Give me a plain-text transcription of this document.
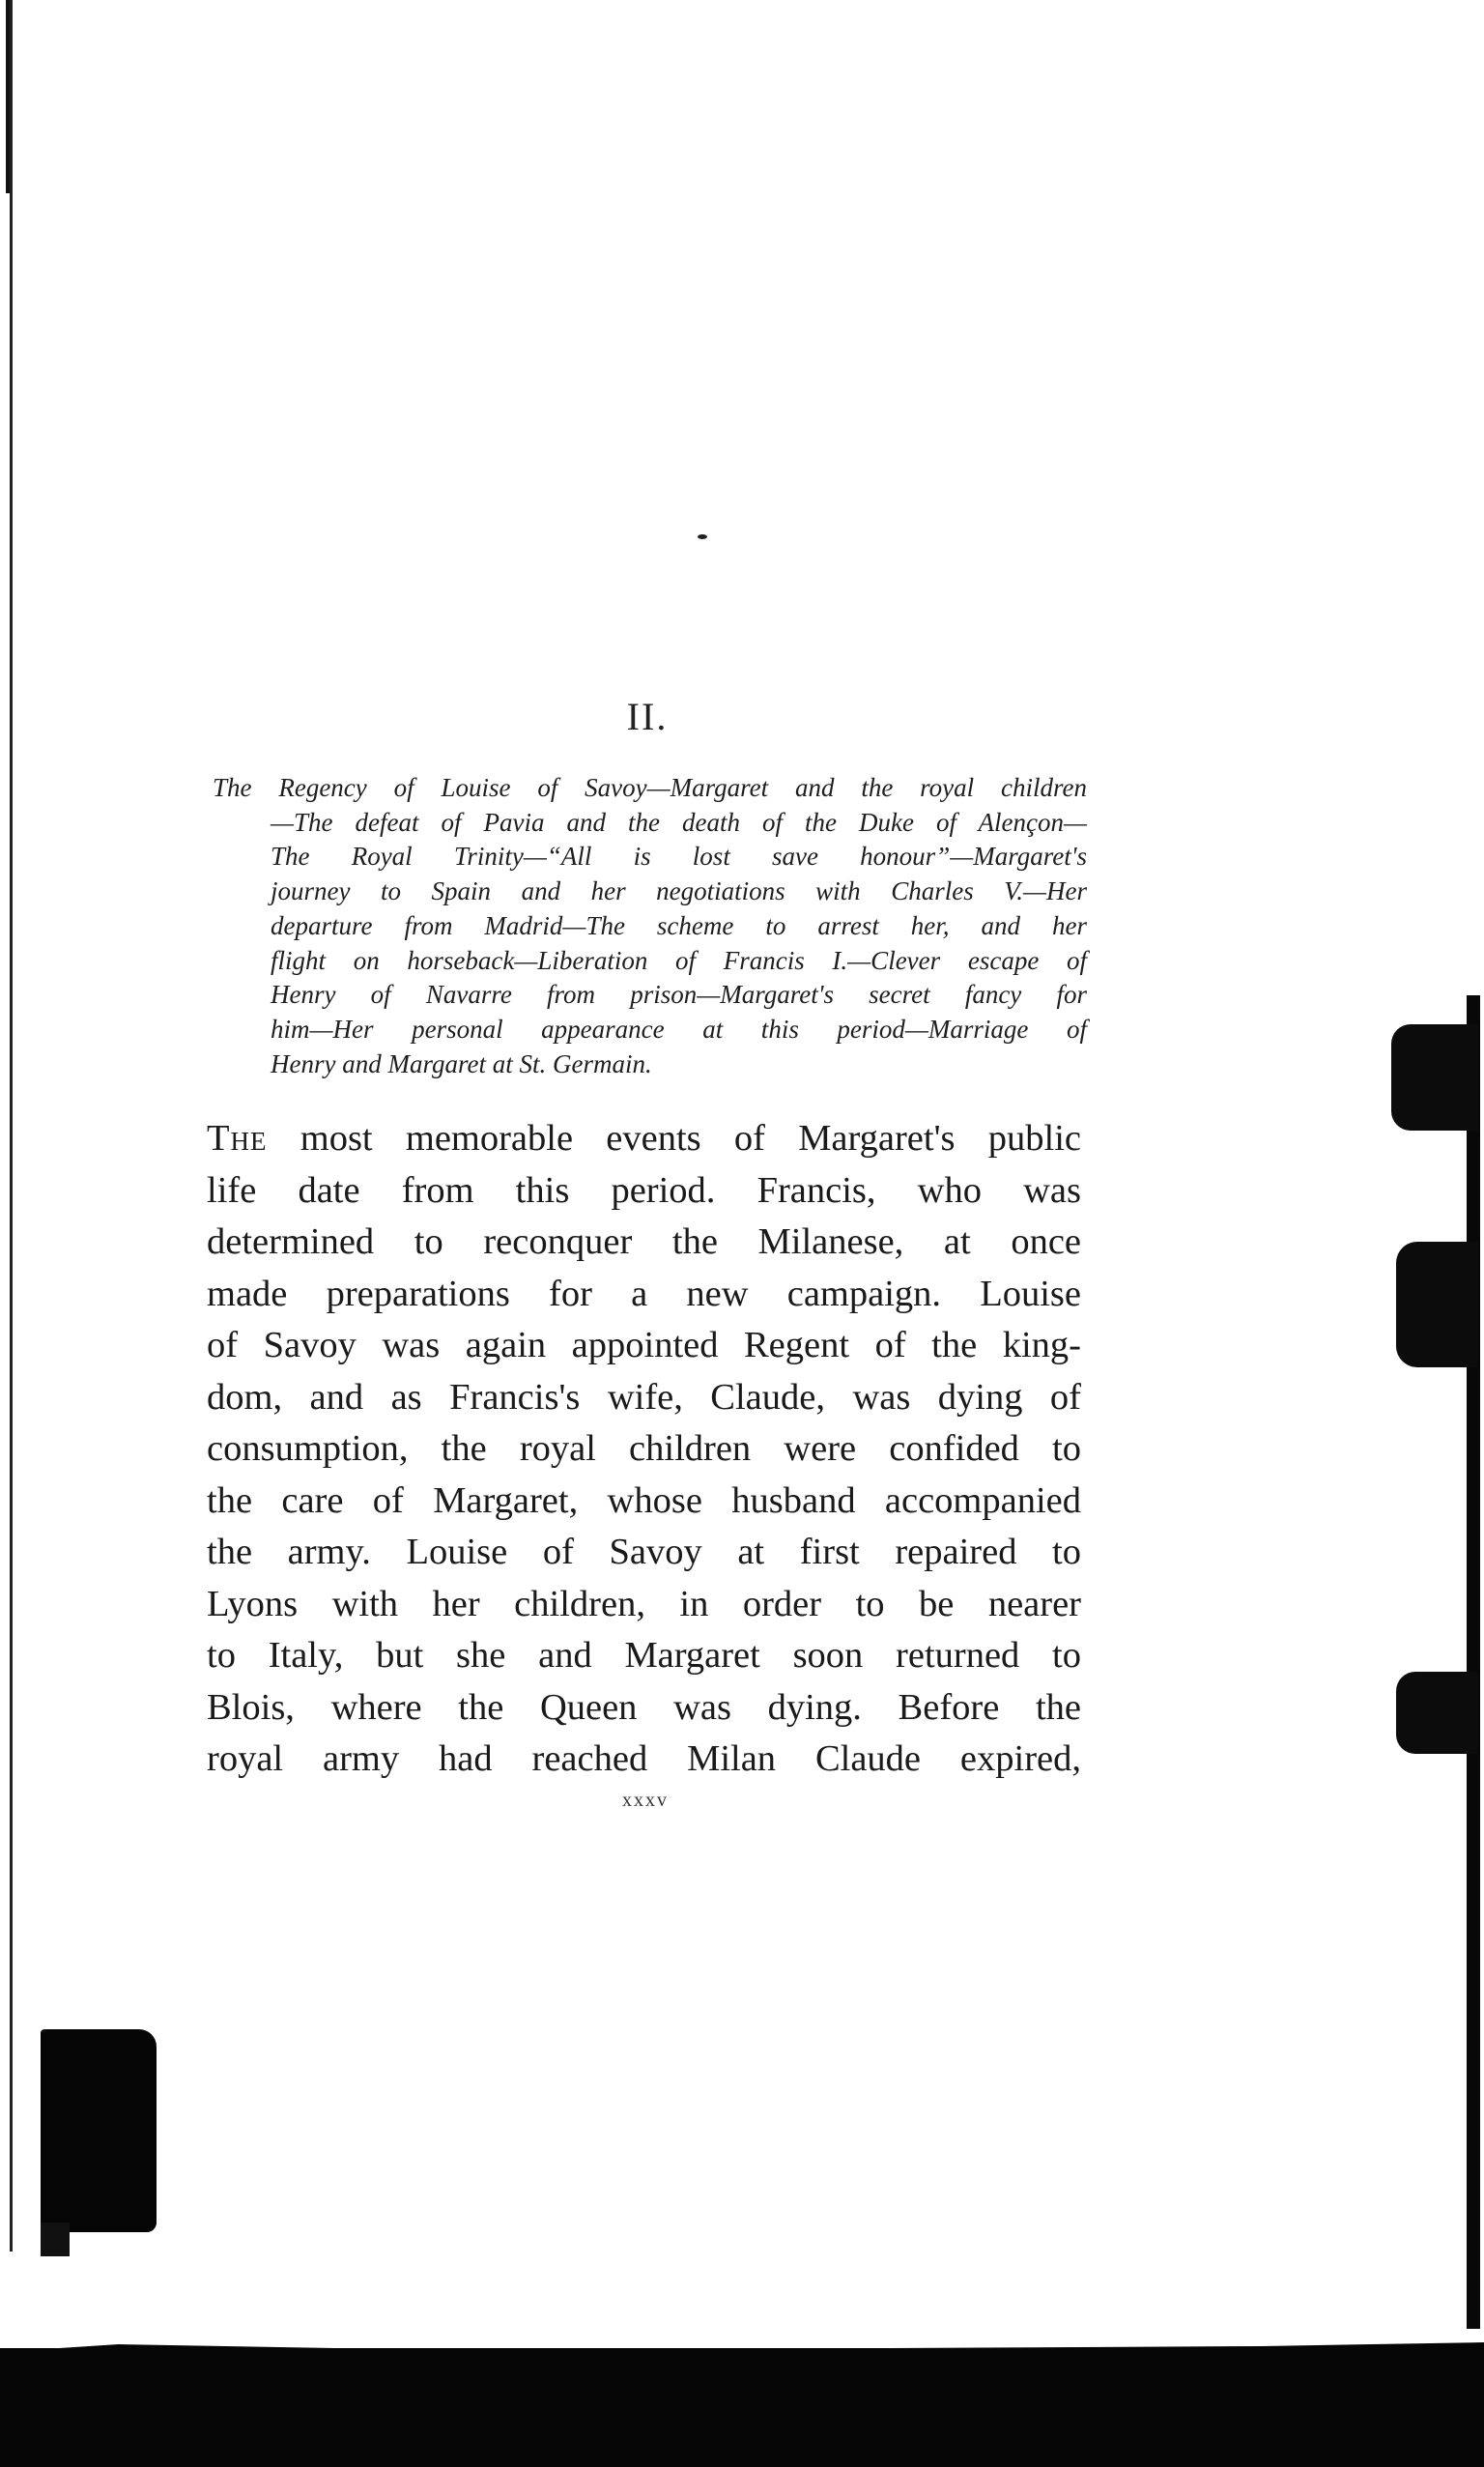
II.
The Regency of Louise of Savoy—Margaret and the royal children
—The defeat of Pavia and the death of the Duke of Alençon—
The Royal Trinity—“All is lost save honour”—Margaret's
journey to Spain and her negotiations with Charles V.—Her
departure from Madrid—The scheme to arrest her, and her
flight on horseback—Liberation of Francis I.—Clever escape of
Henry of Navarre from prison—Margaret's secret fancy for
him—Her personal appearance at this period—Marriage of
Henry and Margaret at St. Germain.
The most memorable events of Margaret's public
life date from this period. Francis, who was
determined to reconquer the Milanese, at once
made preparations for a new campaign. Louise
of Savoy was again appointed Regent of the king-
dom, and as Francis's wife, Claude, was dying of
consumption, the royal children were confided to
the care of Margaret, whose husband accompanied
the army. Louise of Savoy at first repaired to
Lyons with her children, in order to be nearer
to Italy, but she and Margaret soon returned to
Blois, where the Queen was dying. Before the
royal army had reached Milan Claude expired,
xxxv
